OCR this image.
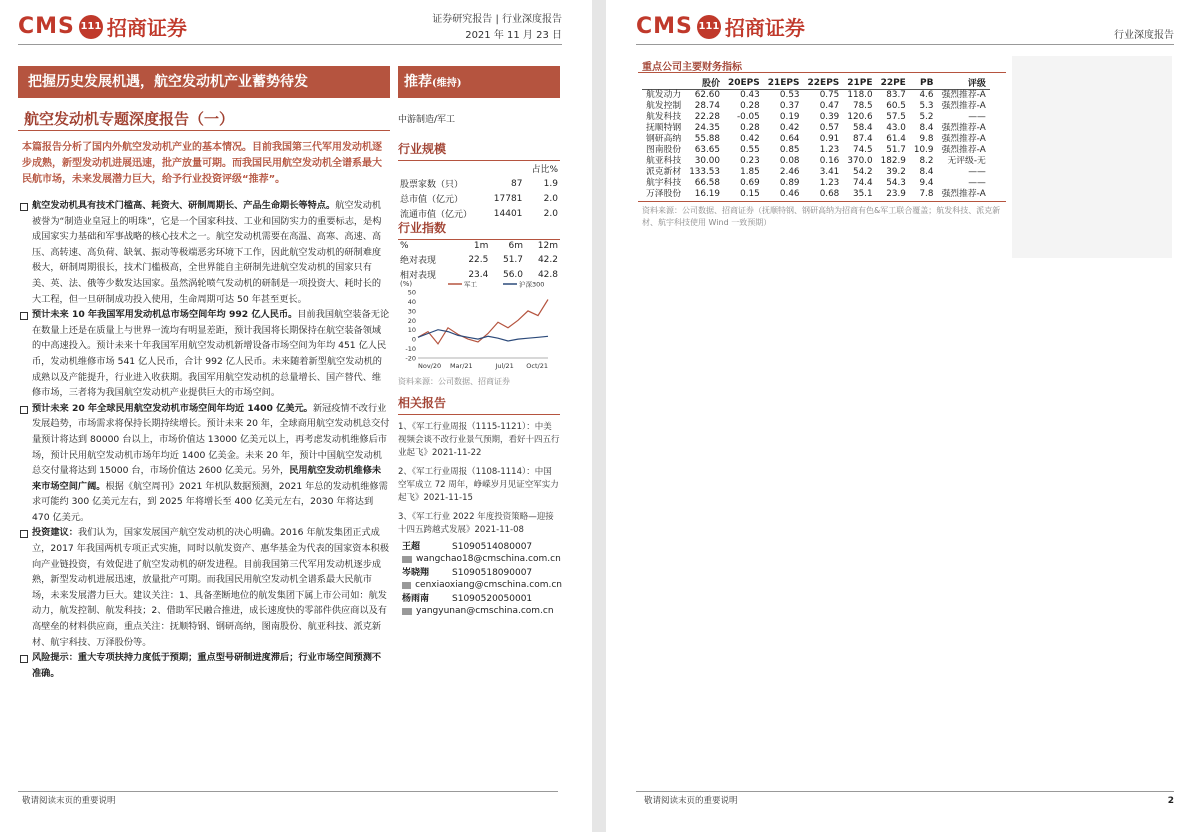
CMS 111 招商证券	证券研究报告 | 行业深度报告
2021 年 11 月 23 日
把握历史发展机遇，航空发动机产业蓄势待发	推荐(维持)
航空发动机专题深度报告（一）
本篇报告分析了国内外航空发动机产业的基本情况。目前我国第三代军用发动机逐步成熟，新型发动机进展迅速，批产放量可期。而我国民用航空发动机全谱系最大民航市场，未来发展潜力巨大，给予行业投资评级“推荐”。
航空发动机具有技术门槛高、耗资大、研制周期长、产品生命期长等特点。航空发动机被誉为“制造业皇冠上的明珠”，它是一个国家科技、工业和国防实力的重要标志，是构成国家实力基础和军事战略的核心技术之一。航空发动机需要在高温、高寒、高速、高压、高转速、高负荷、缺氧、振动等极端恶劣环境下工作，因此航空发动机的研制难度极大，研制周期很长，技术门槛极高，全世界能自主研制先进航空发动机的国家只有美、英、法、俄等少数发达国家。虽然涡轮喷气发动机的研制是一项投资大、耗时长的大工程，但一旦研制成功投入使用，生命周期可达 50 年甚至更长。
预计未来 10 年我国军用发动机总市场空间年均 992 亿人民币。目前我国航空装备无论在数量上还是在质量上与世界一流均有明显差距，预计我国将长期保持在航空装备领域的中高速投入。预计未来十年我国军用航空发动机新增设备市场空间为年均 451 亿人民币，发动机维修市场 541 亿人民币，合计 992 亿人民币。未来随着新型航空发动机的成熟以及产能提升，行业进入收获期。我国军用航空发动机的总量增长、国产替代、维修市场，三者将为我国航空发动机产业提供巨大的市场空间。
预计未来 20 年全球民用航空发动机市场空间年均近 1400 亿美元。新冠疫情不改行业发展趋势，市场需求将保持长期持续增长。预计未来 20 年，全球商用航空发动机总交付量预计将达到 80000 台以上，市场价值达 13000 亿美元以上，再考虑发动机维修后市场，预计民用航空发动机市场年均近 1400 亿美金。未来 20 年，预计中国航空发动机总交付量将达到 15000 台，市场价值达 2600 亿美元。另外，民用航空发动机维修未来市场空间广阔。根据《航空周刊》2021 年机队数据预测，2021 年总的发动机维修需求可能约 300 亿美元左右，到 2025 年将增长至 400 亿美元左右，2030 年将达到 470 亿美元。
投资建议：我们认为，国家发展国产航空发动机的决心明确。2016 年航发集团正式成立，2017 年我国两机专项正式实施，同时以航发资产、惠华基金为代表的国家资本积极向产业链投资，有效促进了航空发动机的研发进程。目前我国第三代军用发动机逐步成熟，新型发动机进展迅速，放量批产可期。而我国民用航空发动机全谱系最大民航市场，未来发展潜力巨大。建议关注：1、具备垄断地位的航发集团下属上市公司如：航发动力，航发控制、航发科技；2、借助军民融合推进，成长速度快的零部件供应商以及有高壁垒的材料供应商，重点关注：抚顺特钢、钢研高纳，图南股份、航亚科技、派克新材、航宇科技、万泽股份等。
风险提示：重大专项扶持力度低于预期；重点型号研制进度滞后；行业市场空间预测不准确。
中游制造/军工
行业规模
		占比%
股票家数（只）	87	1.9
总市值（亿元）	17781	2.0
流通市值（亿元）	14401	2.0
行业指数
%	1m	6m	12m
绝对表现	22.5	51.7	42.2
相对表现	23.4	56.0	42.8
(%)	军工	沪深300
50
40
30
20
10
0
-10
-20
Nov/20 Mar/21	Jul/21 Oct/21
资料来源：公司数据、招商证券
相关报告

1、《军工行业周报（1115-1121）：中美视频会谈不改行业景气预期，看好十四五行业起飞》2021-11-22

2、《军工行业周报（1108-1114）：中国空军成立 72 周年，峥嵘岁月见证空军实力起飞》2021-11-15

3、《军工行业 2022 年度投资策略—迎接十四五跨越式发展》2021-11-08

王超	S1090514080007
wangchao18@cmschina.com.cn
岑晓翔	S1090518090007
cenxiaoxiang@cmschina.com.cn
杨雨南	S1090520050001
yangyunan@cmschina.com.cn
敬请阅读末页的重要说明
CMS 111 招商证券	行业深度报告
重点公司主要财务指标
	股价	20EPS	21EPS	22EPS	21PE	22PE	PB	评级
航发动力	62.60	0.43	0.53	0.75	118.0	83.7	4.6	强烈推荐-A
航发控制	28.74	0.28	0.37	0.47	78.5	60.5	5.3	强烈推荐-A
航发科技	22.28	-0.05	0.19	0.39	120.6	57.5	5.2	——
抚顺特钢	24.35	0.28	0.42	0.57	58.4	43.0	8.4	强烈推荐-A
钢研高纳	55.88	0.42	0.64	0.91	87.4	61.4	9.8	强烈推荐-A
图南股份	63.65	0.55	0.85	1.23	74.5	51.7	10.9	强烈推荐-A
航亚科技	30.00	0.23	0.08	0.16	370.0	182.9	8.2	无评级-无
派克新材	133.53	1.85	2.46	3.41	54.2	39.2	8.4	——
航宇科技	66.58	0.69	0.89	1.23	74.4	54.3	9.4	——
万泽股份	16.19	0.15	0.46	0.68	35.1	23.9	7.8	强烈推荐-A
资料来源：公司数据、招商证券（抚顺特钢、钢研高纳为招商有色&军工联合覆盖；航发科技、派克新材、航宇科技使用 Wind 一致预期）
敬请阅读末页的重要说明	2
